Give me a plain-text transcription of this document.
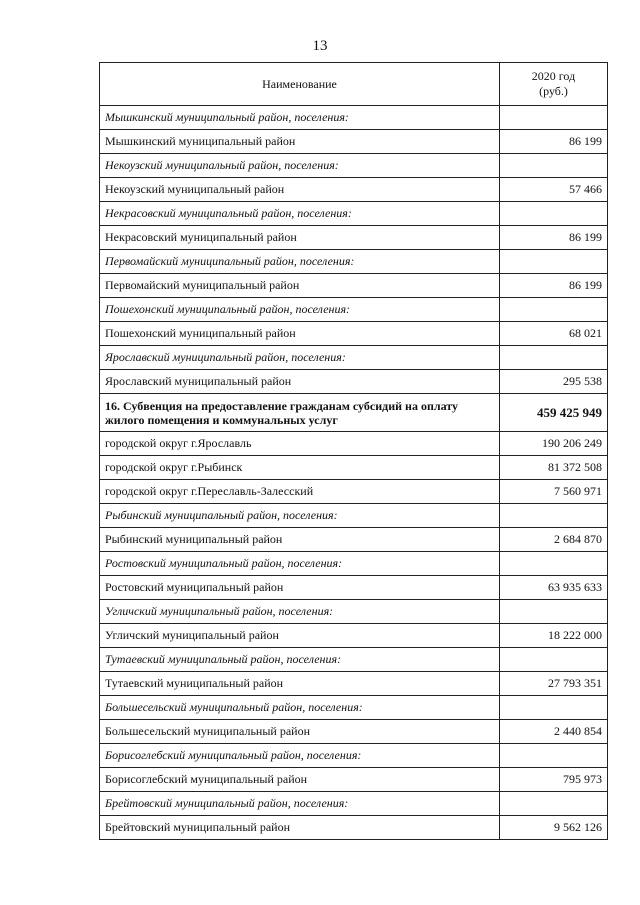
13
Наименование	2020 год
(руб.)
Мышкинский муниципальный район, поселения:	
Мышкинский муниципальный район	86 199
Некоузский муниципальный район, поселения:	
Некоузский муниципальный район	57 466
Некрасовский муниципальный район, поселения:	
Некрасовский муниципальный район	86 199
Первомайский муниципальный район, поселения:	
Первомайский муниципальный район	86 199
Пошехонский муниципальный район, поселения:	
Пошехонский муниципальный район	68 021
Ярославский муниципальный район, поселения:	
Ярославский муниципальный район	295 538
16. Субвенция на предоставление гражданам субсидий на оплату жилого помещения и коммунальных услуг	459 425 949
городской округ г.Ярославль	190 206 249
городской округ г.Рыбинск	81 372 508
городской округ г.Переславль-Залесский	7 560 971
Рыбинский муниципальный район, поселения:	
Рыбинский муниципальный район	2 684 870
Ростовский муниципальный район, поселения:	
Ростовский муниципальный район	63 935 633
Угличский муниципальный район, поселения:	
Угличский муниципальный район	18 222 000
Тутаевский муниципальный район, поселения:	
Тутаевский муниципальный район	27 793 351
Большесельский муниципальный район, поселения:	
Большесельский муниципальный район	2 440 854
Борисоглебский муниципальный район, поселения:	
Борисоглебский муниципальный район	795 973
Брейтовский муниципальный район, поселения:	
Брейтовский муниципальный район	9 562 126
